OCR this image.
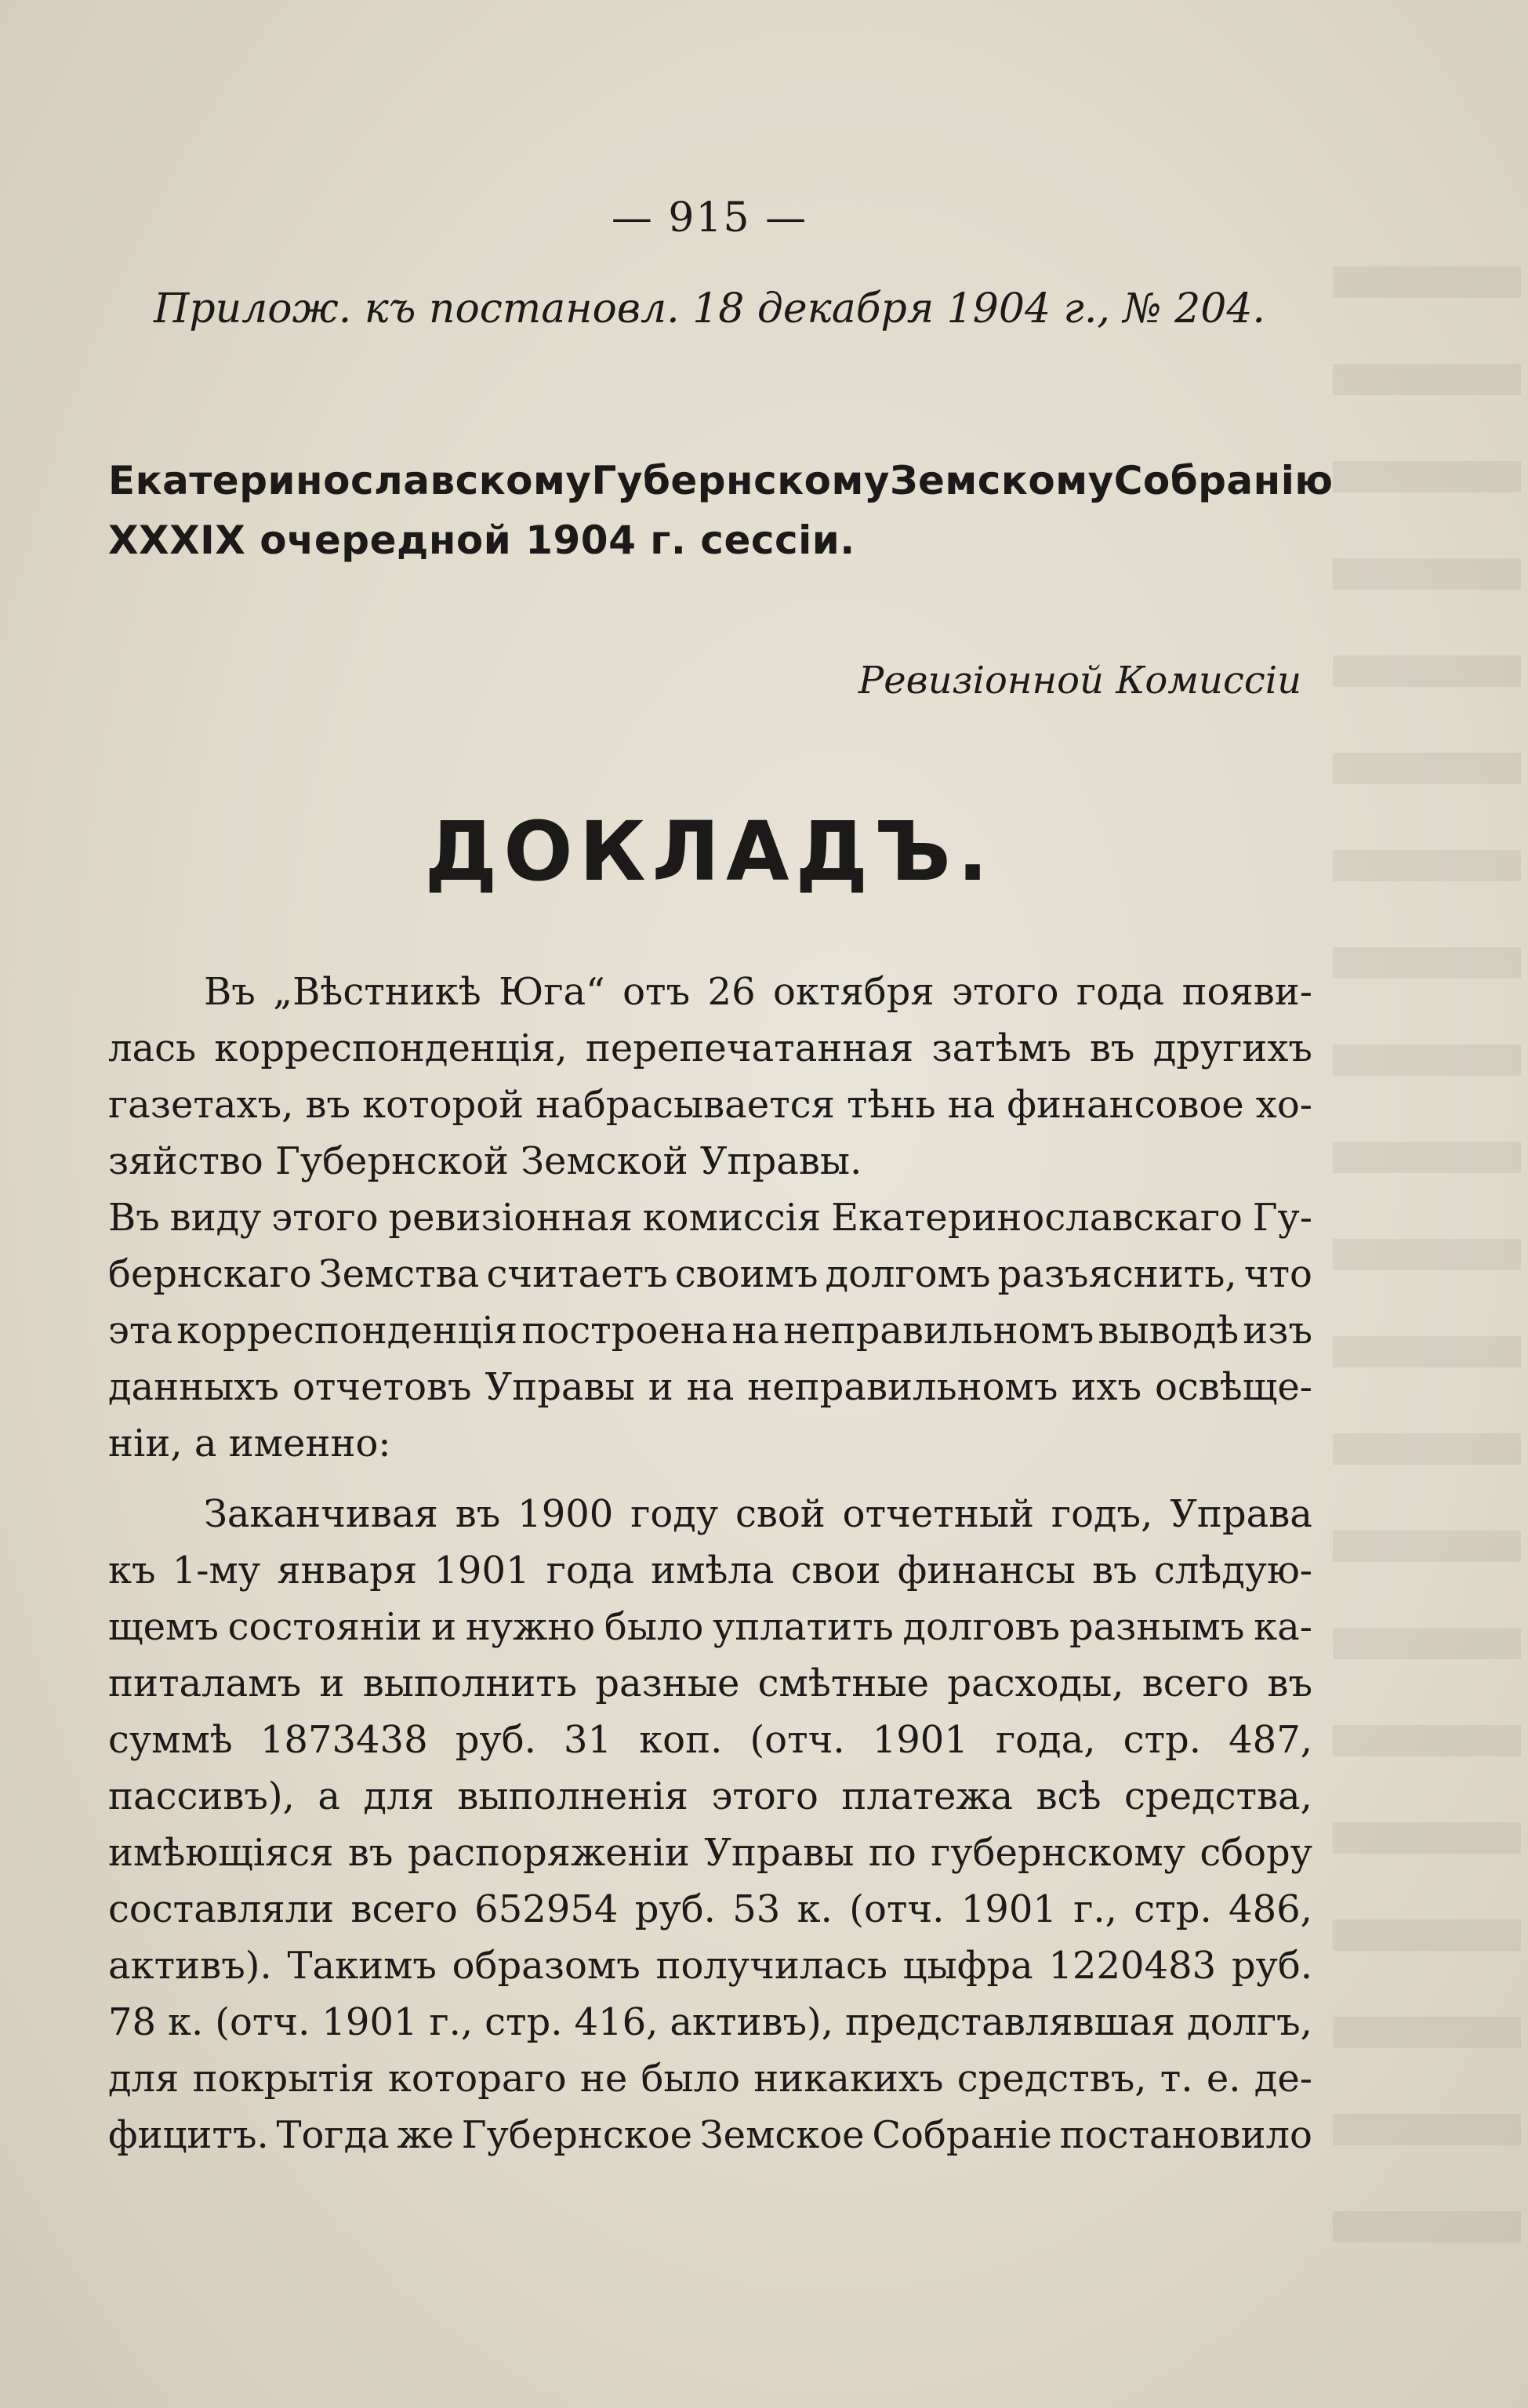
— 915 —
Прилож. къ постановл. 18 декабря 1904 г., № 204.
Екатеринославскому Губернскому Земскому Собранію
XXXIX очередной 1904 г. сессіи.
Ревизіонной Комиссіи
ДОКЛАДЪ.
Въ „Вѣстникѣ Юга“ отъ 26 октября этого года появи-
лась корреспонденція, перепечатанная затѣмъ въ другихъ
газетахъ, въ которой набрасывается тѣнь на финансовое хо-
зяйство Губернской Земской Управы.
Въ виду этого ревизіонная комиссія Екатеринославскаго Гу-
бернскаго Земства считаетъ своимъ долгомъ разъяснить, что
эта корреспонденція построена на неправильномъ выводѣ изъ
данныхъ отчетовъ Управы и на неправильномъ ихъ освѣще-
ніи, а именно:
Заканчивая въ 1900 году свой отчетный годъ, Управа
къ 1-му января 1901 года имѣла свои финансы въ слѣдую-
щемъ состояніи и нужно было уплатить долговъ разнымъ ка-
питаламъ и выполнить разные смѣтные расходы, всего въ
суммѣ 1873438 руб. 31 коп. (отч. 1901 года, стр. 487,
пассивъ), а для выполненія этого платежа всѣ средства,
имѣющіяся въ распоряженіи Управы по губернскому сбору
составляли всего 652954 руб. 53 к. (отч. 1901 г., стр. 486,
активъ). Такимъ образомъ получилась цыфра 1220483 руб.
78 к. (отч. 1901 г., стр. 416, активъ), представлявшая долгъ,
для покрытія котораго не было никакихъ средствъ, т. е. де-
фицитъ. Тогда же Губернское Земское Собраніе постановило
